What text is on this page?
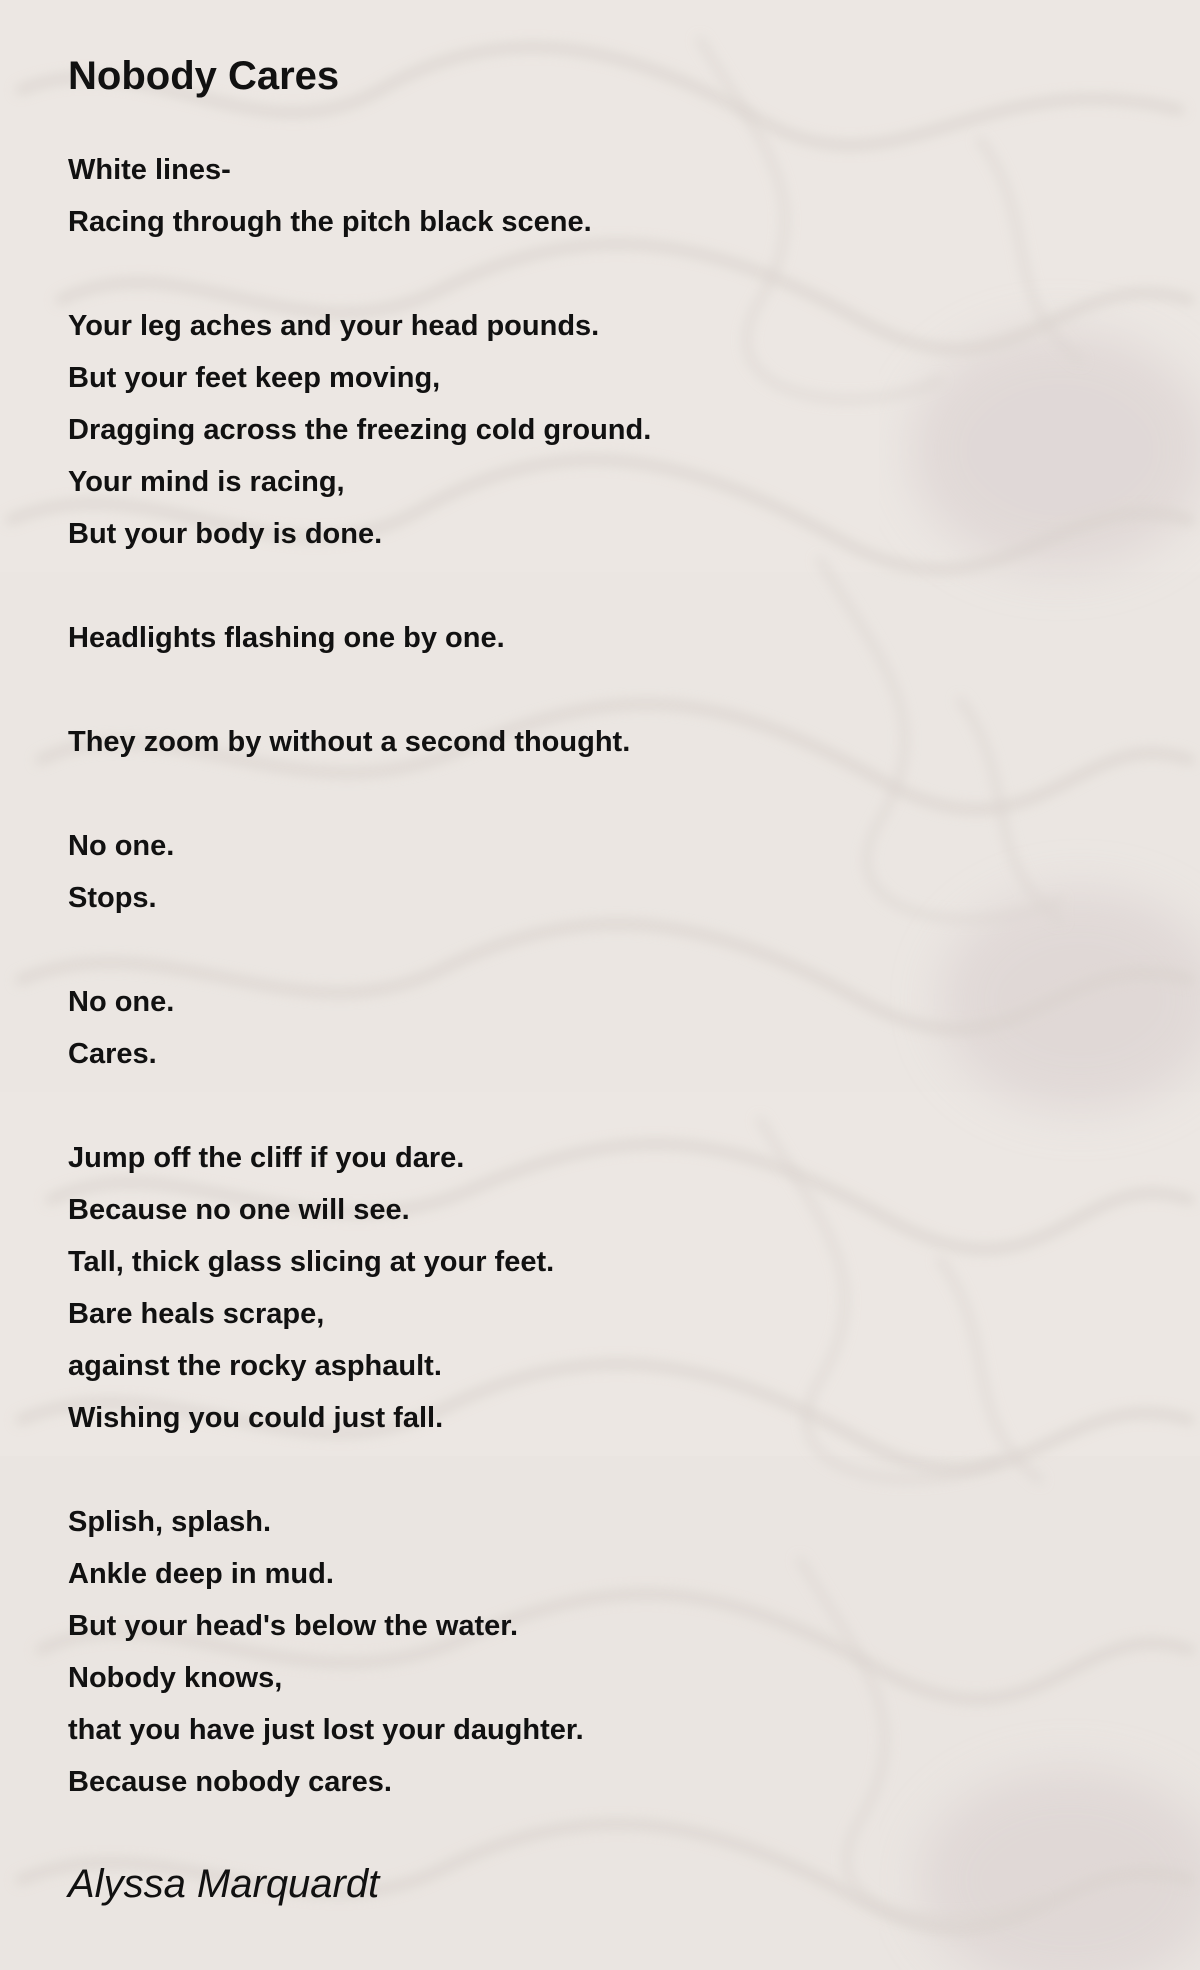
Nobody Cares
White lines-
Racing through the pitch black scene.
Your leg aches and your head pounds.
But your feet keep moving,
Dragging across the freezing cold ground.
Your mind is racing,
But your body is done.
Headlights flashing one by one.
They zoom by without a second thought.
No one.
Stops.
No one.
Cares.
Jump off the cliff if you dare.
Because no one will see.
Tall, thick glass slicing at your feet.
Bare heals scrape,
against the rocky asphault.
Wishing you could just fall.
Splish, splash.
Ankle deep in mud.
But your head's below the water.
Nobody knows,
that you have just lost your daughter.
Because nobody cares.
Alyssa Marquardt
